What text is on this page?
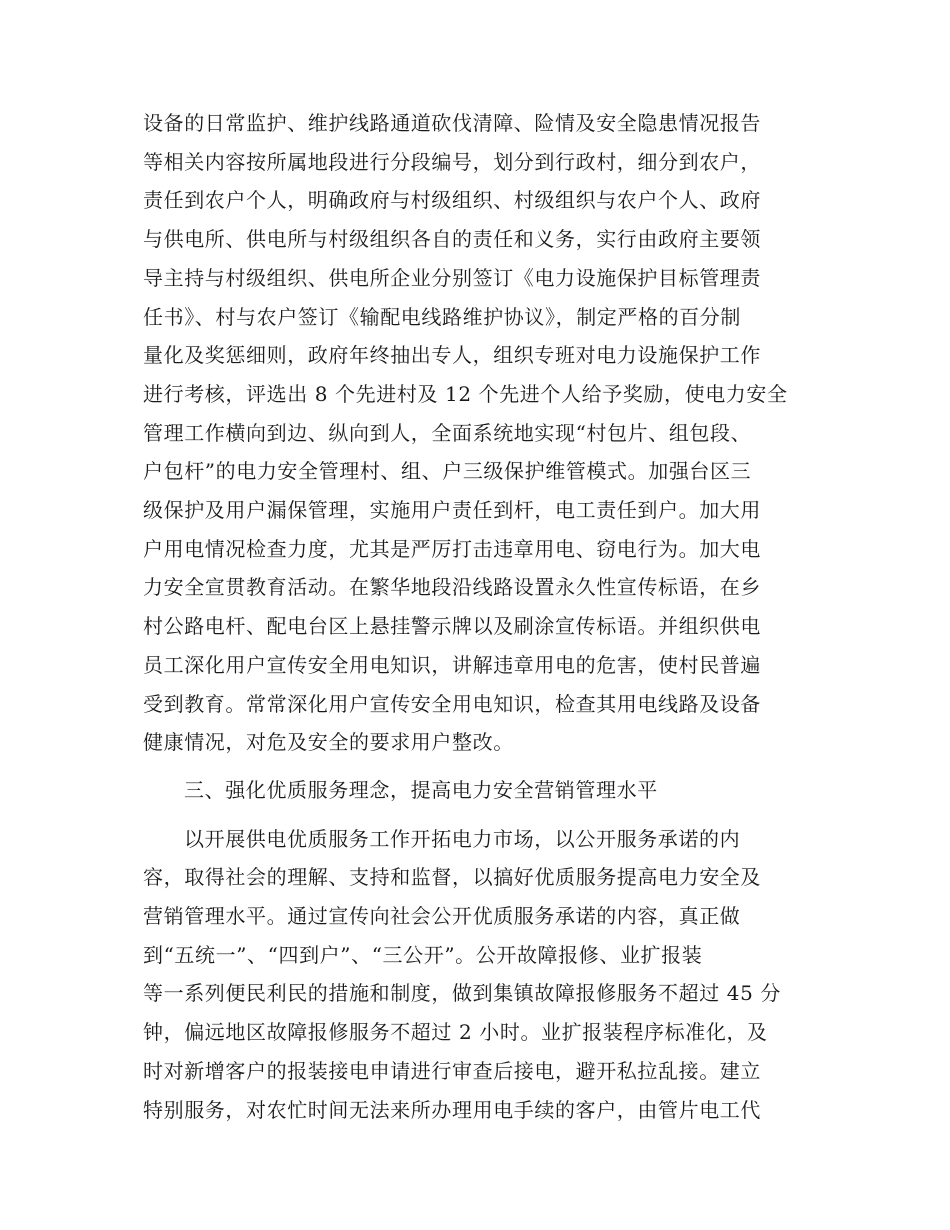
设备的日常监护、维护线路通道砍伐清障、险情及安全隐患情况报告
等相关内容按所属地段进行分段编号，划分到行政村，细分到农户，
责任到农户个人，明确政府与村级组织、村级组织与农户个人、政府
与供电所、供电所与村级组织各自的责任和义务，实行由政府主要领
导主持与村级组织、供电所企业分别签订《电力设施保护目标管理责
任书》、村与农户签订《输配电线路维护协议》，制定严格的百分制
量化及奖惩细则，政府年终抽出专人，组织专班对电力设施保护工作
进行考核，评选出 8 个先进村及 12 个先进个人给予奖励，使电力安全
管理工作横向到边、纵向到人，全面系统地实现“村包片、组包段、
户包杆”的电力安全管理村、组、户三级保护维管模式。加强台区三
级保护及用户漏保管理，实施用户责任到杆，电工责任到户。加大用
户用电情况检查力度，尤其是严厉打击违章用电、窃电行为。加大电
力安全宣贯教育活动。在繁华地段沿线路设置永久性宣传标语，在乡
村公路电杆、配电台区上悬挂警示牌以及刷涂宣传标语。并组织供电
员工深化用户宣传安全用电知识，讲解违章用电的危害，使村民普遍
受到教育。常常深化用户宣传安全用电知识，检查其用电线路及设备
健康情况，对危及安全的要求用户整改。
三、强化优质服务理念，提高电力安全营销管理水平
以开展供电优质服务工作开拓电力市场，以公开服务承诺的内
容，取得社会的理解、支持和监督，以搞好优质服务提高电力安全及
营销管理水平。通过宣传向社会公开优质服务承诺的内容，真正做
到“五统一”、“四到户”、“三公开”。公开故障报修、业扩报装
等一系列便民利民的措施和制度，做到集镇故障报修服务不超过 45 分
钟，偏远地区故障报修服务不超过 2 小时。业扩报装程序标准化，及
时对新增客户的报装接电申请进行审查后接电，避开私拉乱接。建立
特别服务，对农忙时间无法来所办理用电手续的客户，由管片电工代
